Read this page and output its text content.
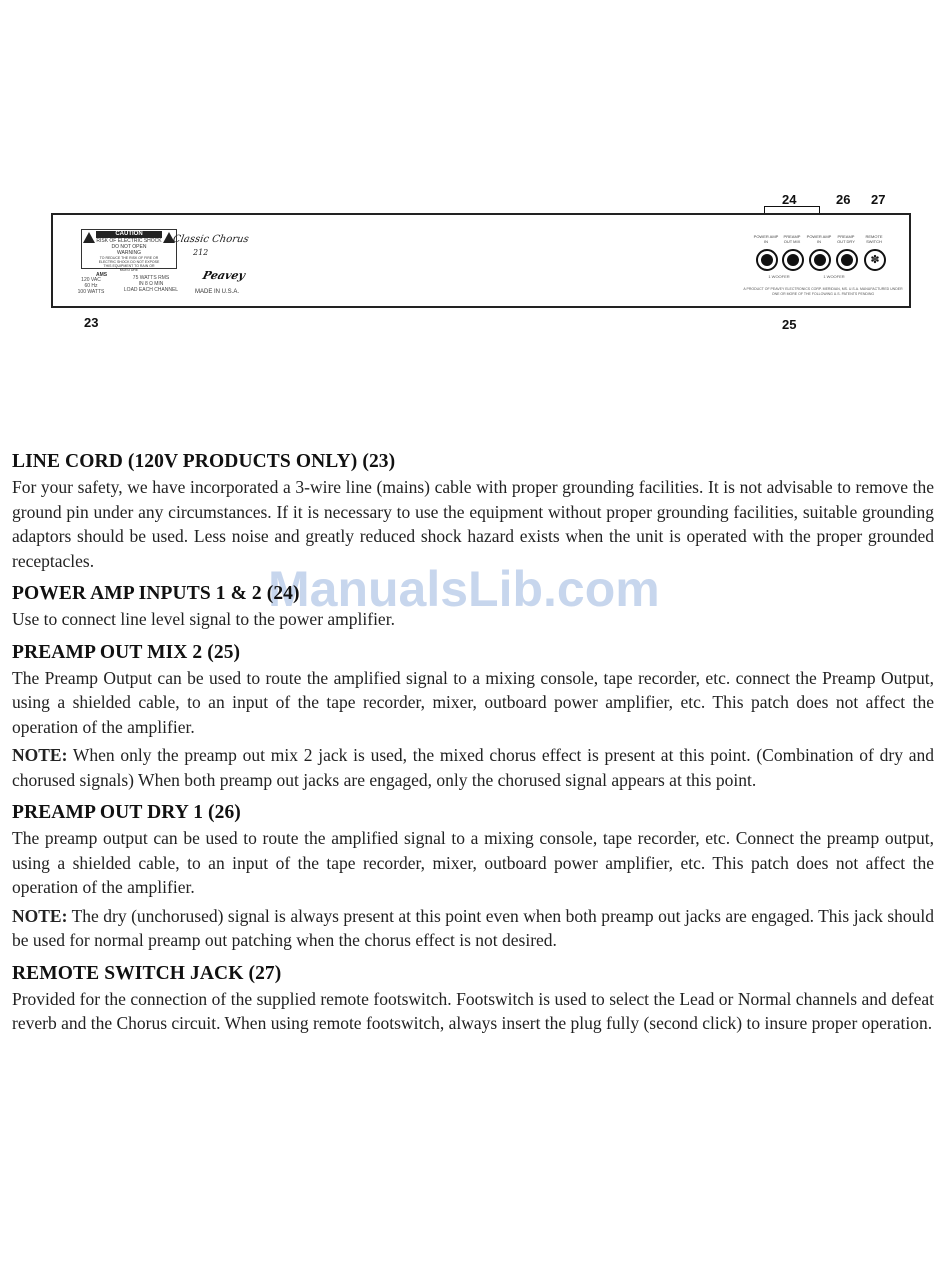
24	26 27
CAUTION
RISK OF ELECTRIC SHOCK DO NOT OPEN
WARNING
TO REDUCE THE RISK OF FIRE OR ELECTRIC SHOCK DO NOT EXPOSE THIS EQUIPMENT TO RAIN OR MOISTURE
AMS
120 VAC
60 Hz
100 WATTS
75 WATTS RMS
IN 8 Ω MIN
LOAD EACH CHANNEL
Classic Chorus
212
Peavey
MADE IN U.S.A.
POWER AMP IN
PREAMP OUT MIX
POWER AMP IN
PREAMP OUT DRY
REMOTE SWITCH
✽
1 WOOFER	1 WOOFER
A PRODUCT OF PEAVEY ELECTRONICS CORP. MERIDIAN, MS. U.S.A. MANUFACTURED UNDER ONE OR MORE OF THE FOLLOWING U.S. PATENTS PENDING
23	25
ManualsLib.com
LINE CORD (120V PRODUCTS ONLY) (23)
For your safety, we have incorporated a 3-wire line (mains) cable with proper grounding facilities. It is not advisable to remove the ground pin under any circumstances. If it is necessary to use the equipment without proper grounding facilities, suitable grounding adaptors should be used. Less noise and greatly reduced shock hazard exists when the unit is operated with the proper grounded receptacles.
POWER AMP INPUTS 1 & 2 (24)
Use to connect line level signal to the power amplifier.
PREAMP OUT MIX 2 (25)
The Preamp Output can be used to route the amplified signal to a mixing console, tape recorder, etc. connect the Preamp Output, using a shielded cable, to an input of the tape recorder, mixer, outboard power amplifier, etc. This patch does not affect the operation of the amplifier.
NOTE: When only the preamp out mix 2 jack is used, the mixed chorus effect is present at this point. (Combination of dry and chorused signals) When both preamp out jacks are engaged, only the chorused signal appears at this point.
PREAMP OUT DRY 1 (26)
The preamp output can be used to route the amplified signal to a mixing console, tape recorder, etc. Connect the preamp output, using a shielded cable, to an input of the tape recorder, mixer, outboard power amplifier, etc. This patch does not affect the operation of the amplifier.
NOTE: The dry (unchorused) signal is always present at this point even when both preamp out jacks are engaged. This jack should be used for normal preamp out patching when the chorus effect is not desired.
REMOTE SWITCH JACK (27)
Provided for the connection of the supplied remote footswitch. Footswitch is used to select the Lead or Normal channels and defeat reverb and the Chorus circuit. When using remote footswitch, always insert the plug fully (second click) to insure proper operation.
